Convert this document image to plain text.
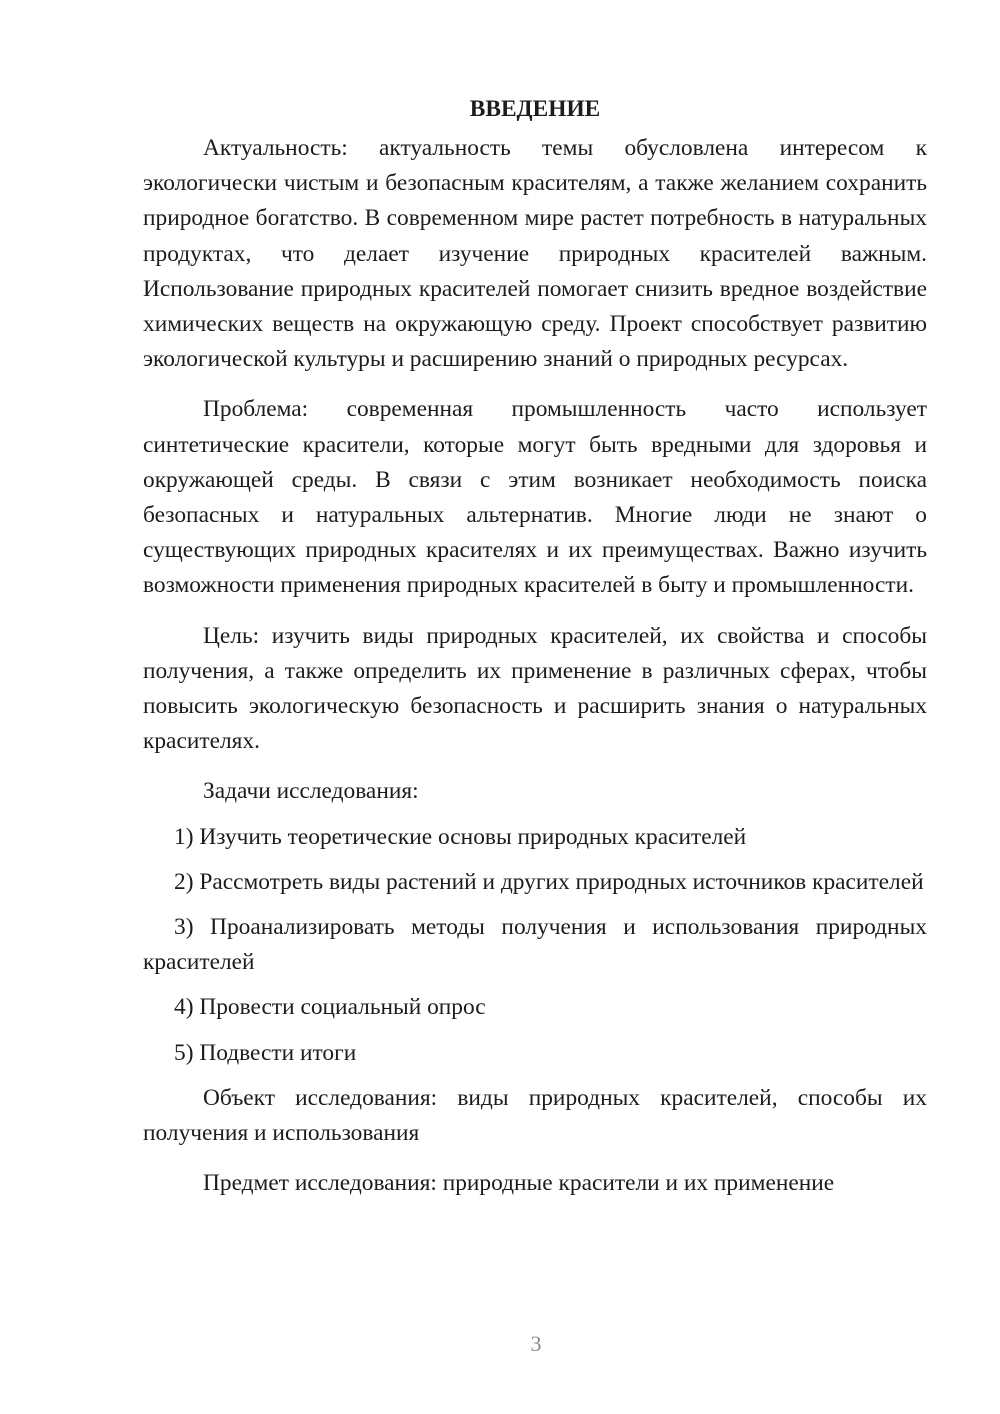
ВВЕДЕНИЕ

Актуальность: актуальность темы обусловлена интересом к экологически чистым и безопасным красителям, а также желанием сохранить природное богатство. В современном мире растет потребность в натуральных продуктах, что делает изучение природных красителей важным. Использование природных красителей помогает снизить вредное воздействие химических веществ на окружающую среду. Проект способствует развитию экологической культуры и расширению знаний о природных ресурсах.

Проблема: современная промышленность часто использует синтетические красители, которые могут быть вредными для здоровья и окружающей среды. В связи с этим возникает необходимость поиска безопасных и натуральных альтернатив. Многие люди не знают о существующих природных красителях и их преимуществах. Важно изучить возможности применения природных красителей в быту и промышленности.

Цель: изучить виды природных красителей, их свойства и способы получения, а также определить их применение в различных сферах, чтобы повысить экологическую безопасность и расширить знания о натуральных красителях.

Задачи исследования:

1) Изучить теоретические основы природных красителей

2) Рассмотреть виды растений и других природных источников красителей

3) Проанализировать методы получения и использования природных красителей

4) Провести социальный опрос

5) Подвести итоги

Объект исследования: виды природных красителей, способы их получения и использования

Предмет исследования: природные красители и их применение

3
